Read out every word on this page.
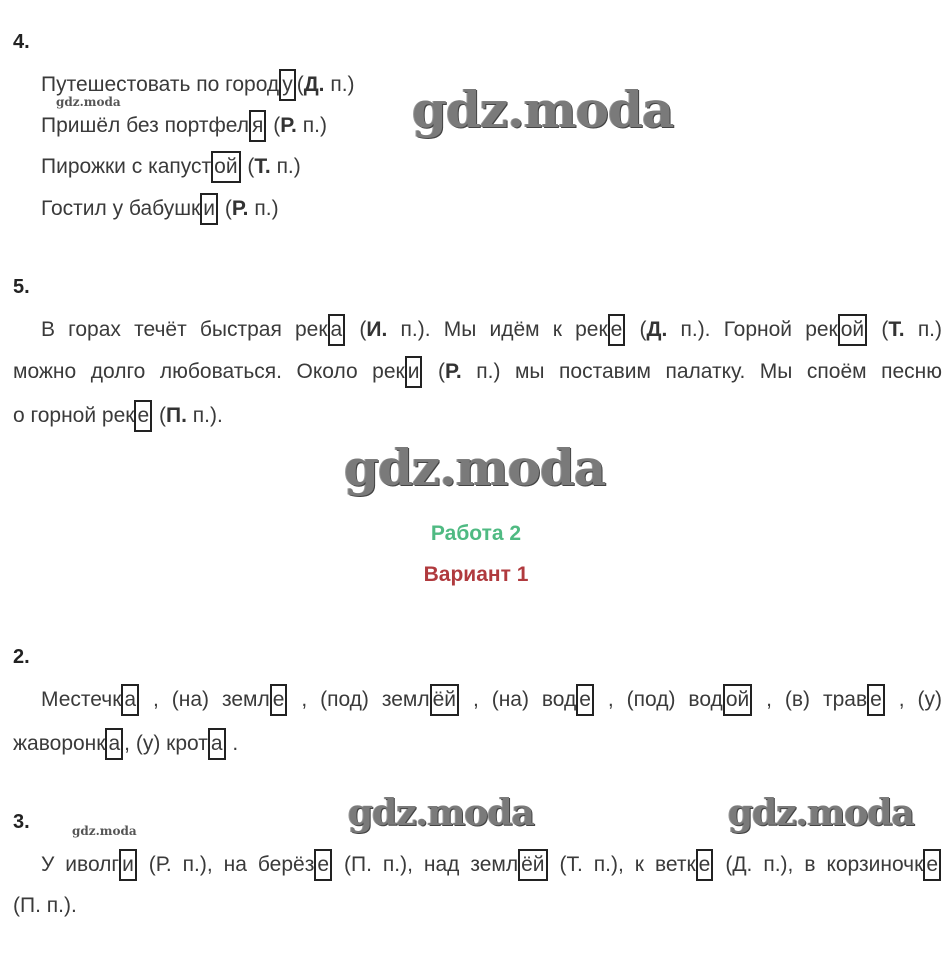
gdz.moda	gdz.moda
gdz.moda
gdz.moda	gdz.moda
gdz.moda
4.
Путешестовать по город у (Д. п.)
Пришёл без портфел я (Р. п.)
Пирожки с капуст ой (Т. п.)
Гостил у бабушк и (Р. п.)
5.
В горах течёт быстрая рек а (И. п.). Мы идём к рек е (Д. п.). Горной рек ой (Т. п.)
можно долго любоваться. Около рек и (Р. п.) мы поставим палатку. Мы споём песню
о горной рек е (П. п.).
Работа 2
Вариант 1
2.
Местечк а , (на) земл е , (под) земл ёй , (на) вод е , (под) вод ой , (в) трав е , (у)
жаворонк а , (у) крот а .
3.
У иволг и (Р. п.), на берёз е (П. п.), над земл ёй (Т. п.), к ветк е (Д. п.), в корзиночк е
(П. п.).
